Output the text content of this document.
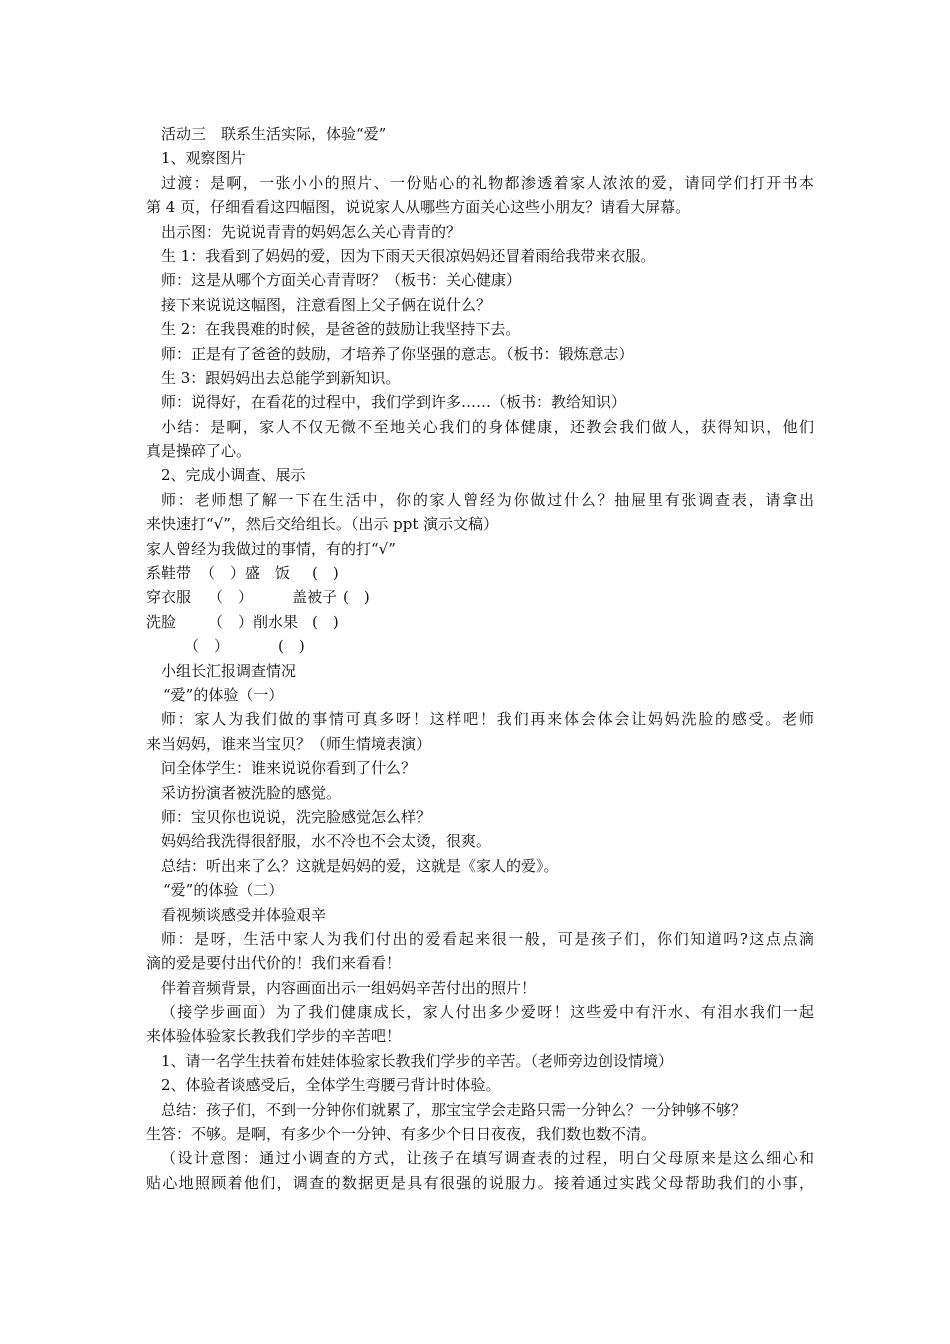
活动三　联系生活实际，体验“爱”
1、观察图片
过渡：是啊，一张小小的照片、一份贴心的礼物都渗透着家人浓浓的爱，请同学们打开书本
第 4 页，仔细看看这四幅图，说说家人从哪些方面关心这些小朋友？请看大屏幕。
出示图：先说说青青的妈妈怎么关心青青的？
生 1：我看到了妈妈的爱，因为下雨天天很凉妈妈还冒着雨给我带来衣服。
师：这是从哪个方面关心青青呀？（板书：关心健康）
接下来说说这幅图，注意看图上父子俩在说什么？
生 2：在我畏难的时候，是爸爸的鼓励让我坚持下去。
师：正是有了爸爸的鼓励，才培养了你坚强的意志。（板书：锻炼意志）
生 3：跟妈妈出去总能学到新知识。
师：说得好，在看花的过程中，我们学到许多……（板书：教给知识）
小结：是啊，家人不仅无微不至地关心我们的身体健康，还教会我们做人，获得知识，他们
真是操碎了心。
2、完成小调查、展示
师：老师想了解一下在生活中，你的家人曾经为你做过什么？抽屉里有张调查表，请拿出
来快速打“√”，然后交给组长。（出示 ppt 演示文稿）
家人曾经为我做过的事情，有的打“√”
系鞋带 （　）盛　饭 (　)
穿衣服 （　）	盖被子 (　)
洗脸 （　）削水果 (　)
（　）	(　)
小组长汇报调查情况
“爱”的体验（一）
师：家人为我们做的事情可真多呀！这样吧！我们再来体会体会让妈妈洗脸的感受。老师
来当妈妈，谁来当宝贝？（师生情境表演）
问全体学生：谁来说说你看到了什么？
采访扮演者被洗脸的感觉。
师：宝贝你也说说，洗完脸感觉怎么样？
妈妈给我洗得很舒服，水不冷也不会太烫，很爽。
总结：听出来了么？这就是妈妈的爱，这就是《家人的爱》。
“爱”的体验（二）
看视频谈感受并体验艰辛
师：是呀，生活中家人为我们付出的爱看起来很一般，可是孩子们，你们知道吗?这点点滴
滴的爱是要付出代价的！我们来看看！
伴着音频背景，内容画面出示一组妈妈辛苦付出的照片！
（接学步画面）为了我们健康成长，家人付出多少爱呀！这些爱中有汗水、有泪水我们一起
来体验体验家长教我们学步的辛苦吧！
1、请一名学生扶着布娃娃体验家长教我们学步的辛苦。（老师旁边创设情境）
2、体验者谈感受后，全体学生弯腰弓背计时体验。
总结：孩子们，不到一分钟你们就累了，那宝宝学会走路只需一分钟么？一分钟够不够？
生答：不够。是啊，有多少个一分钟、有多少个日日夜夜，我们数也数不清。
（设计意图：通过小调查的方式，让孩子在填写调查表的过程，明白父母原来是这么细心和
贴心地照顾着他们，调查的数据更是具有很强的说服力。接着通过实践父母帮助我们的小事，
